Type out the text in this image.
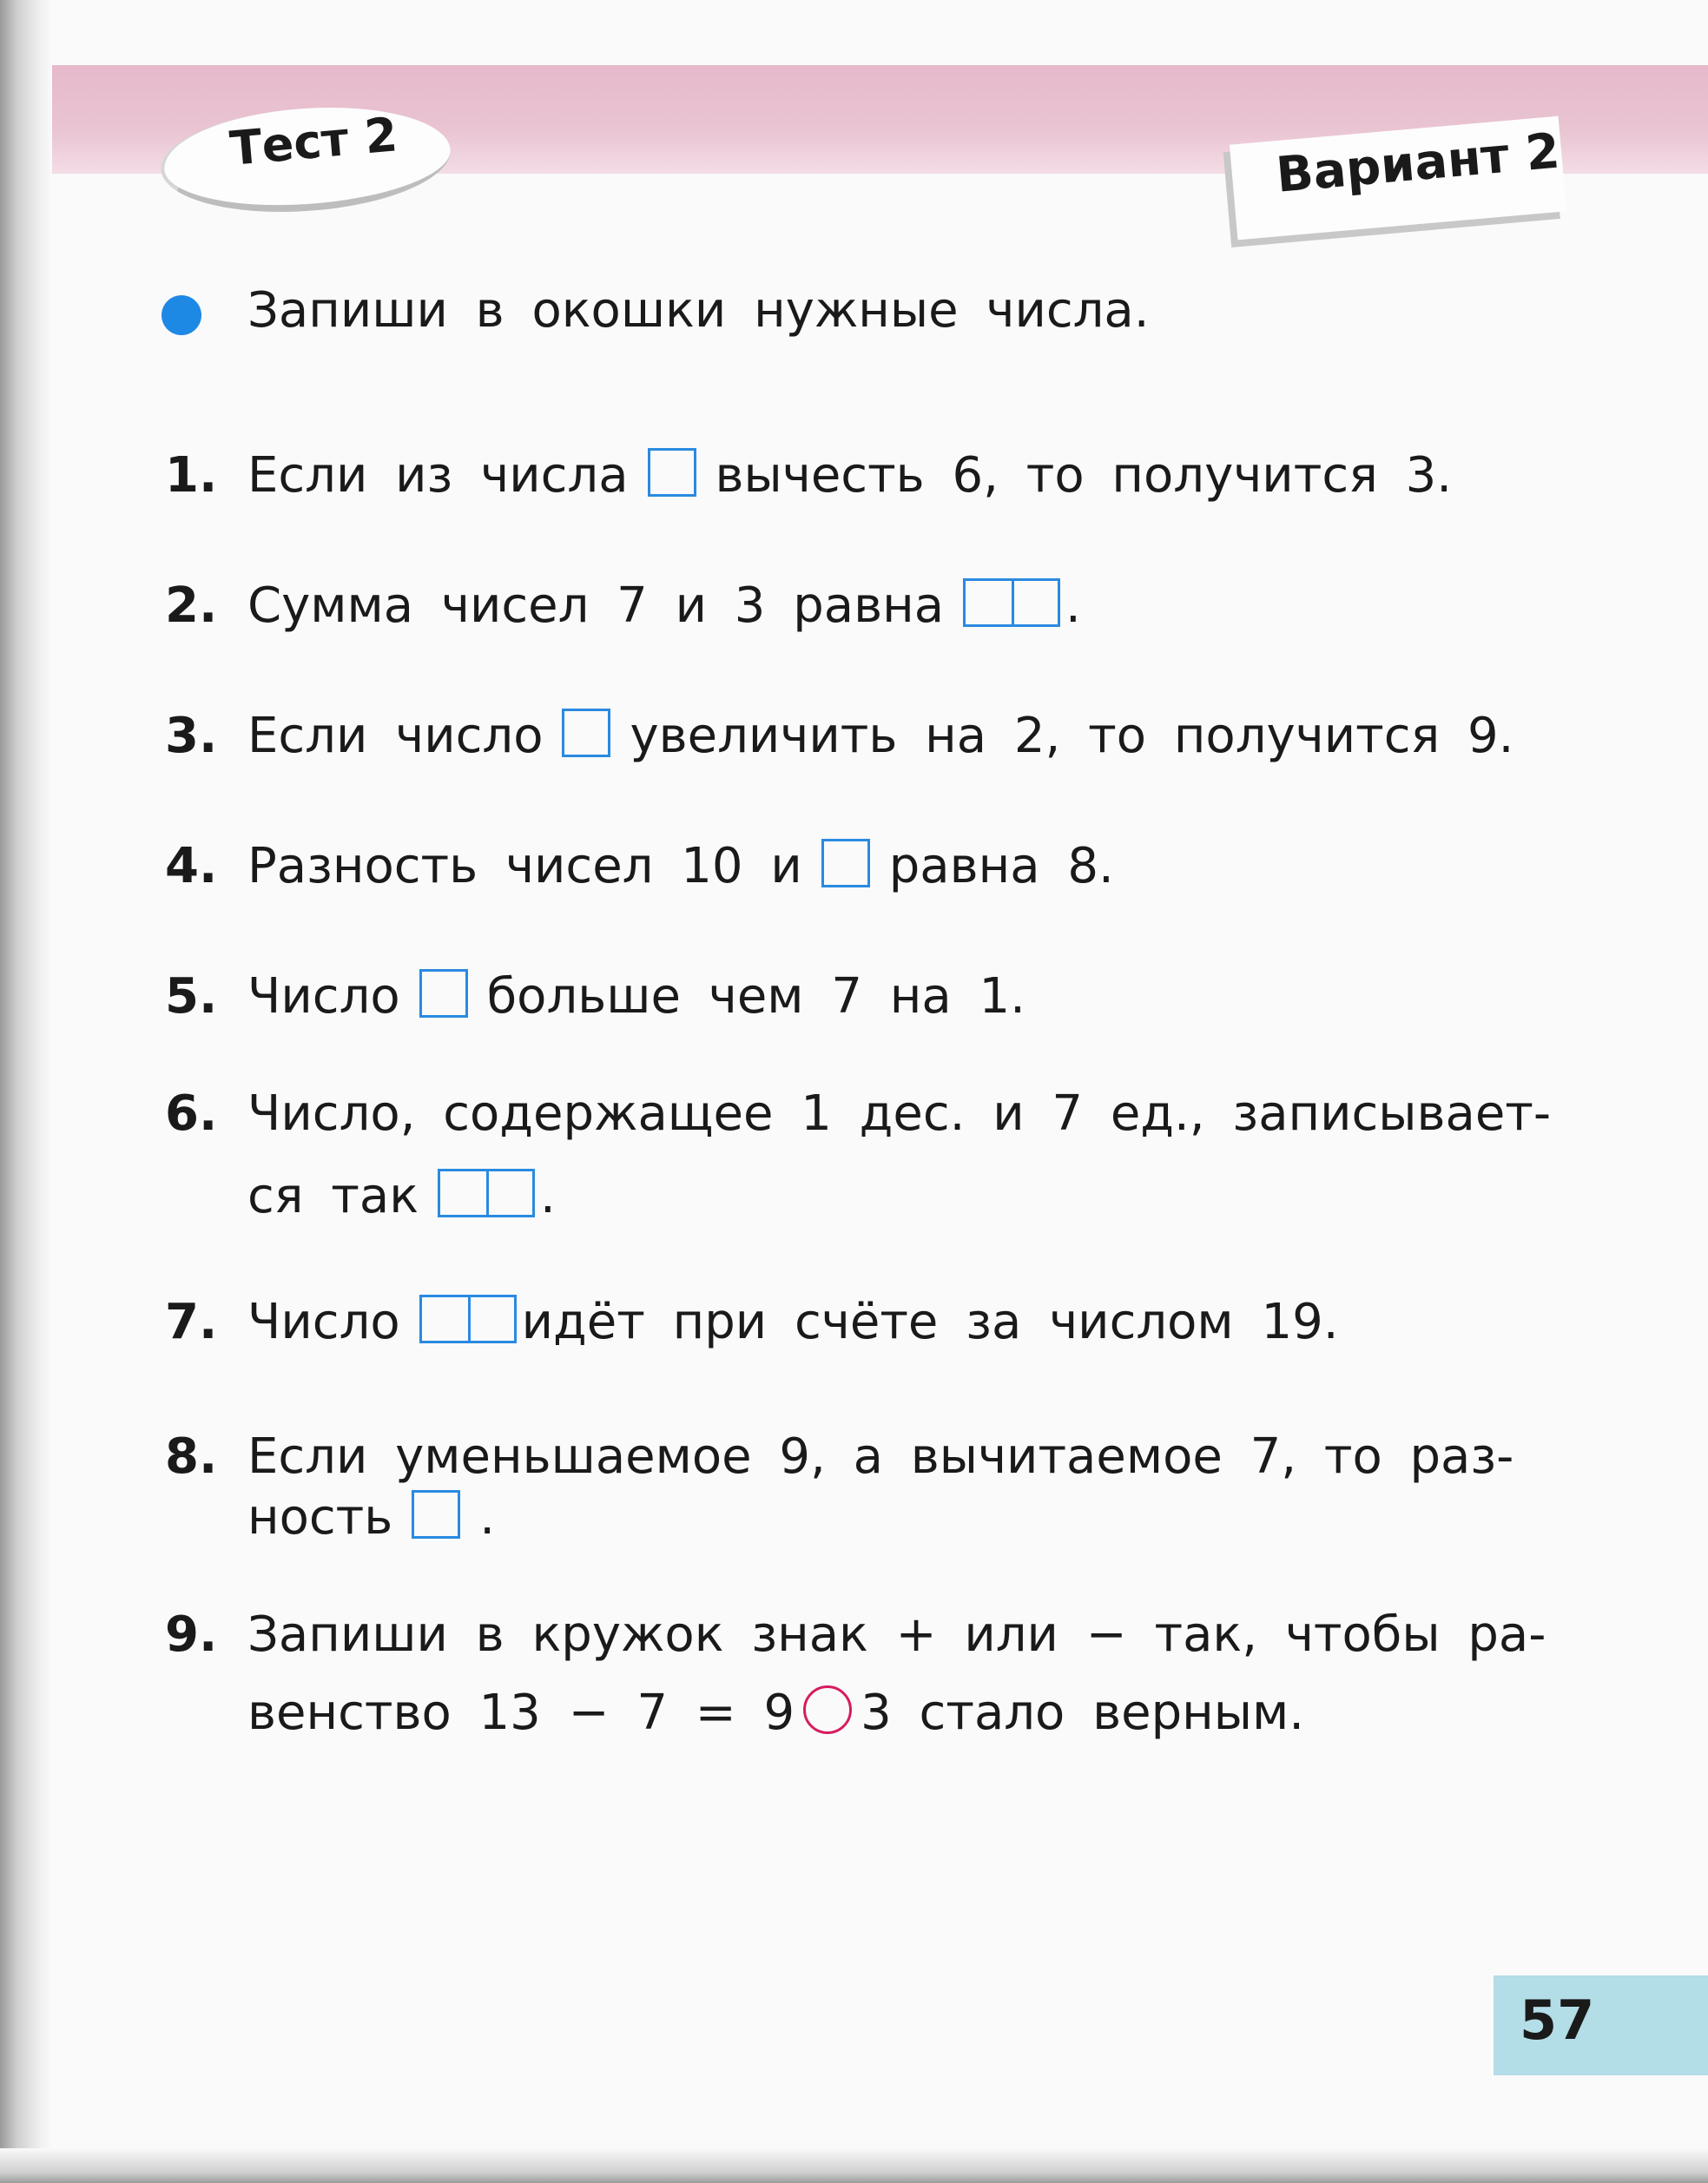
Тест 2	Вариант 2
Запиши в окошки нужные числа.
1. Если из числа вычесть 6, то получится 3.
2. Сумма чисел 7 и 3 равна	.
3. Если число увеличить на 2, то получится 9.
4. Разность чисел 10 и равна 8.
5. Число больше чем 7 на 1.
6. Число, содержащее 1 дес. и 7 ед., записывает-
ся так	.
7. Число	идёт при счёте за числом 19.
8. Если уменьшаемое 9, а вычитаемое 7, то раз-
ность .
9. Запиши в кружок знак + или − так, чтобы ра-
венство 13 − 7 = 9 3 стало верным.
57
